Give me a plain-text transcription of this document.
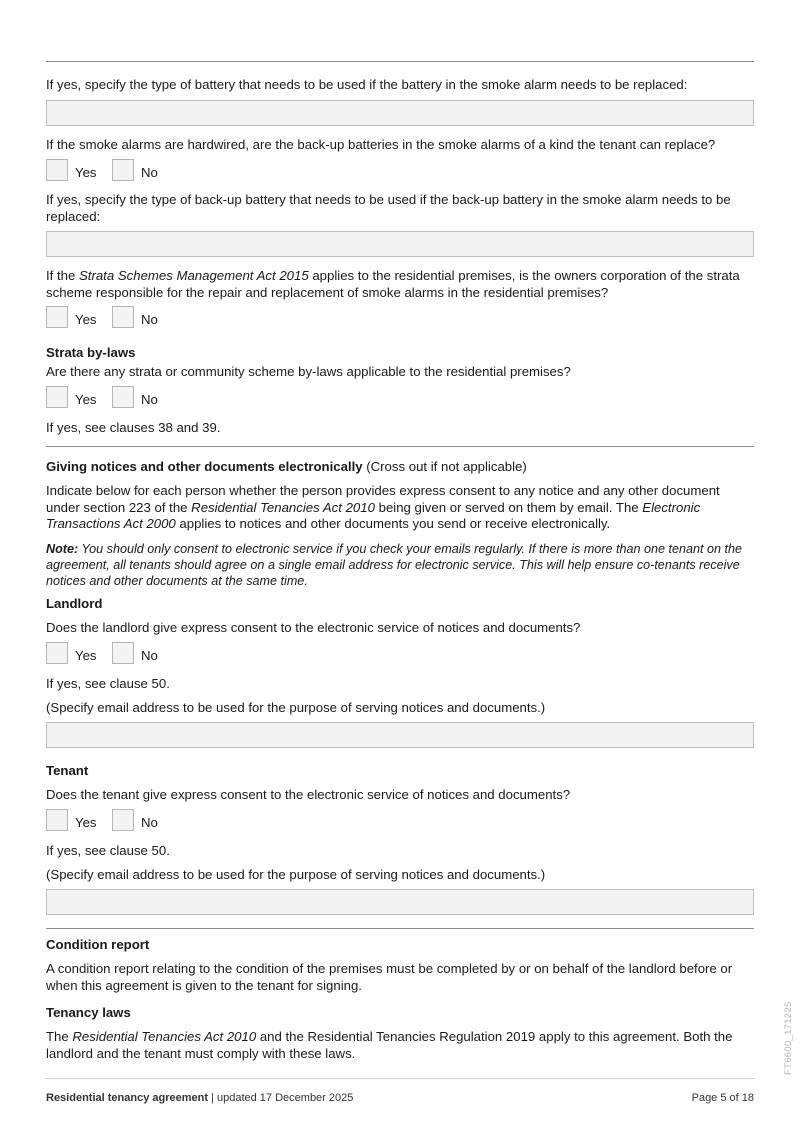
If yes, specify the type of battery that needs to be used if the battery in the smoke alarm needs to be replaced:
If the smoke alarms are hardwired, are the back-up batteries in the smoke alarms of a kind the tenant can replace?
Yes	No
If yes, specify the type of back-up battery that needs to be used if the back-up battery in the smoke alarm needs to be replaced:
If the Strata Schemes Management Act 2015 applies to the residential premises, is the owners corporation of the strata scheme responsible for the repair and replacement of smoke alarms in the residential premises?
Yes	No
Strata by-laws
Are there any strata or community scheme by-laws applicable to the residential premises?
Yes	No
If yes, see clauses 38 and 39.
Giving notices and other documents electronically (Cross out if not applicable)
Indicate below for each person whether the person provides express consent to any notice and any other document under section 223 of the Residential Tenancies Act 2010 being given or served on them by email. The Electronic Transactions Act 2000 applies to notices and other documents you send or receive electronically.
Note: You should only consent to electronic service if you check your emails regularly. If there is more than one tenant on the agreement, all tenants should agree on a single email address for electronic service. This will help ensure co-tenants receive notices and other documents at the same time.
Landlord
Does the landlord give express consent to the electronic service of notices and documents?
Yes	No
If yes, see clause 50.
(Specify email address to be used for the purpose of serving notices and documents.)
Tenant
Does the tenant give express consent to the electronic service of notices and documents?
Yes	No
If yes, see clause 50.
(Specify email address to be used for the purpose of serving notices and documents.)
Condition report
A condition report relating to the condition of the premises must be completed by or on behalf of the landlord before or when this agreement is given to the tenant for signing.
Tenancy laws
The Residential Tenancies Act 2010 and the Residential Tenancies Regulation 2019 apply to this agreement. Both the landlord and the tenant must comply with these laws.
Residential tenancy agreement | updated 17 December 2025	Page 5 of 18
FT6600_171225
